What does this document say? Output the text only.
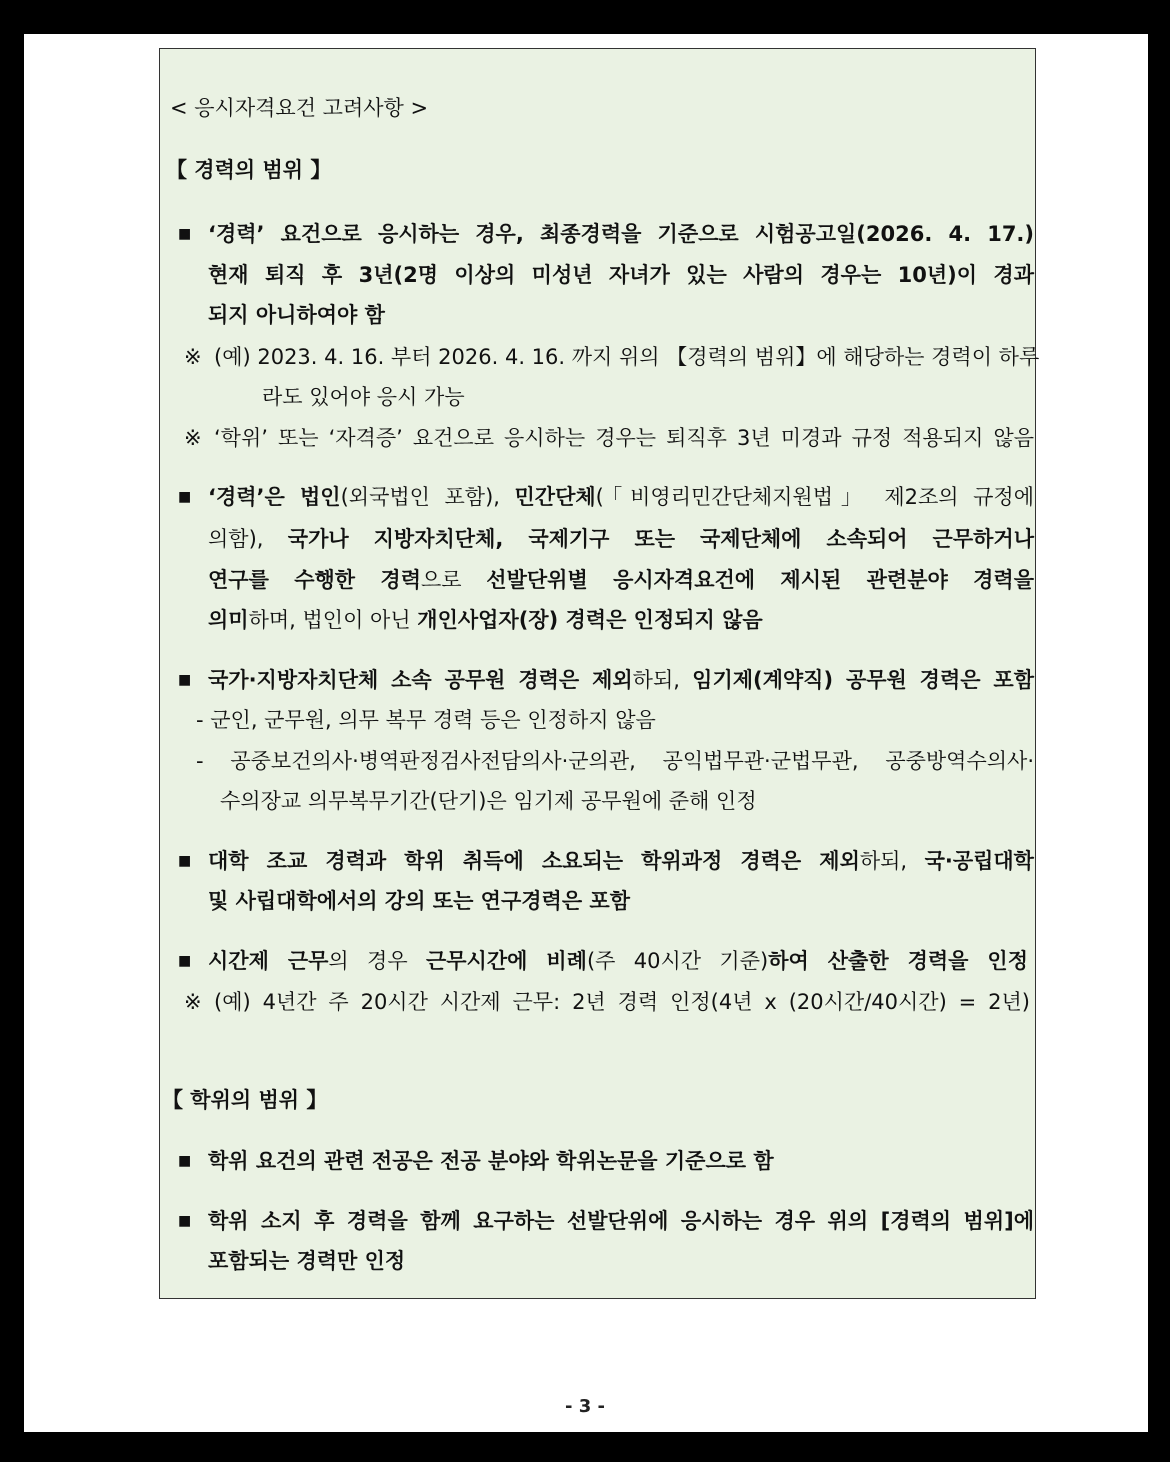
< 응시자격요건 고려사항 >
【 경력의 범위 】
■ ‘경력’ 요건으로 응시하는 경우, 최종경력을 기준으로 시험공고일(2026. 4. 17.)
현재 퇴직 후 3년(2명 이상의 미성년 자녀가 있는 사람의 경우는 10년)이 경과
되지 아니하여야 함
※ (예) 2023. 4. 16. 부터 2026. 4. 16. 까지 위의 【경력의 범위】에 해당하는 경력이 하루
라도 있어야 응시 가능
※ ‘학위’ 또는 ‘자격증’ 요건으로 응시하는 경우는 퇴직후 3년 미경과 규정 적용되지 않음
■ ‘경력’은 법인(외국법인 포함), 민간단체(「비영리민간단체지원법」 제2조의 규정에
의함), 국가나 지방자치단체, 국제기구 또는 국제단체에 소속되어 근무하거나
연구를 수행한 경력으로 선발단위별 응시자격요건에 제시된 관련분야 경력을
의미하며, 법인이 아닌 개인사업자(장) 경력은 인정되지 않음
■ 국가·지방자치단체 소속 공무원 경력은 제외하되, 임기제(계약직) 공무원 경력은 포함
- 군인, 군무원, 의무 복무 경력 등은 인정하지 않음
- 공중보건의사·병역판정검사전담의사·군의관, 공익법무관·군법무관, 공중방역수의사·
수의장교 의무복무기간(단기)은 임기제 공무원에 준해 인정
■ 대학 조교 경력과 학위 취득에 소요되는 학위과정 경력은 제외하되, 국·공립대학
및 사립대학에서의 강의 또는 연구경력은 포함
■ 시간제 근무의 경우 근무시간에 비례(주 40시간 기준)하여 산출한 경력을 인정
※ (예) 4년간 주 20시간 시간제 근무: 2년 경력 인정(4년 x (20시간/40시간) = 2년)
【 학위의 범위 】
■ 학위 요건의 관련 전공은 전공 분야와 학위논문을 기준으로 함
■ 학위 소지 후 경력을 함께 요구하는 선발단위에 응시하는 경우 위의 [경력의 범위]에
포함되는 경력만 인정
- 3 -
